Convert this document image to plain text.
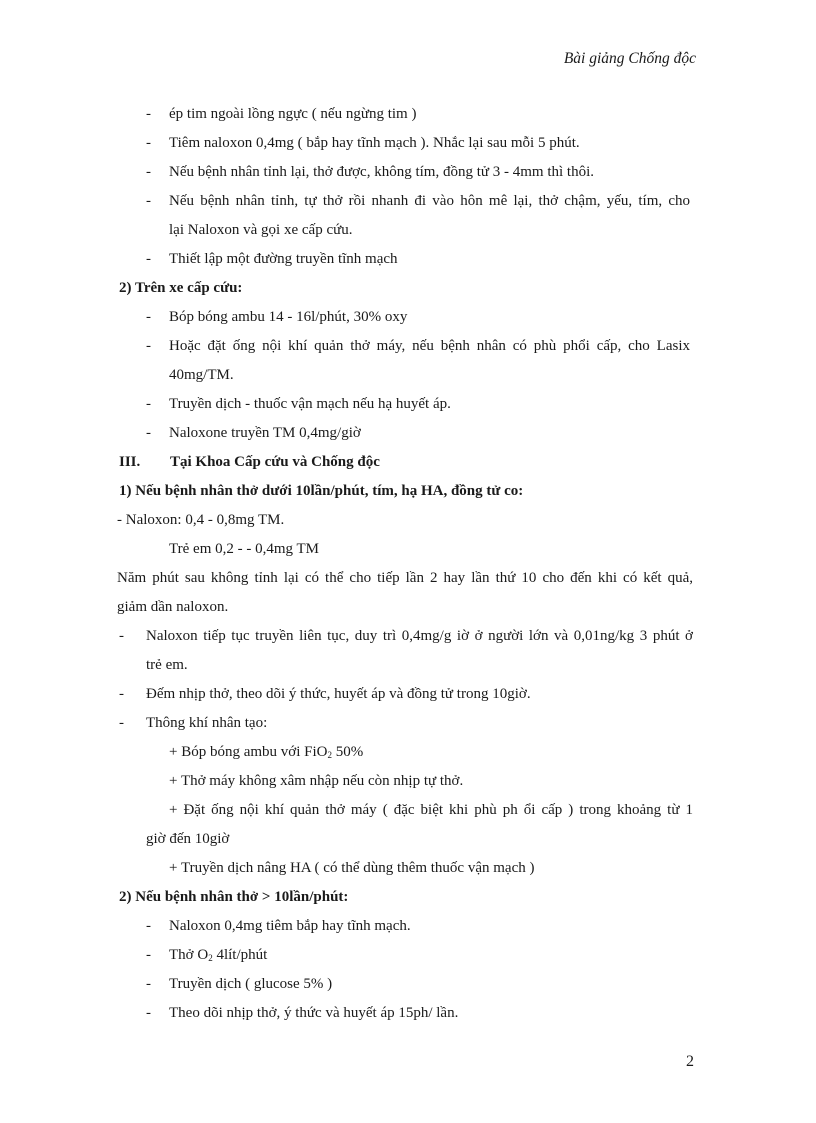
Bài giảng Chống độc
- ép tim ngoài lồng ngực ( nếu ngừng tim )
- Tiêm naloxon 0,4mg ( bắp hay tĩnh mạch ). Nhắc lại sau mỗi 5 phút.
- Nếu bệnh nhân tỉnh lại, thở được, không tím, đồng tử 3 - 4mm thì thôi.
- Nếu bệnh nhân tỉnh, tự thở rồi nhanh đi vào hôn mê lại, thở chậm, yếu, tím, cho
lại Naloxon và gọi xe cấp cứu.
- Thiết lập một đường truyền tĩnh mạch
2) Trên xe cấp cứu:
- Bóp bóng ambu 14 - 16l/phút, 30% oxy
- Hoặc đặt ống nội khí quản thở máy, nếu bệnh nhân có phù phổi cấp, cho Lasix
40mg/TM.
- Truyền dịch - thuốc vận mạch nếu hạ huyết áp.
- Naloxone truyền TM 0,4mg/giờ
III. Tại Khoa Cấp cứu và Chống độc
1) Nếu bệnh nhân thở dưới 10lần/phút, tím, hạ HA, đồng tử co:
- Naloxon: 0,4 - 0,8mg TM.
Trẻ em 0,2 - - 0,4mg TM
Năm phút sau không tỉnh lại có thể cho tiếp lần 2 hay lần thứ 10 cho đến khi có kết quả,
giảm dần naloxon.
- Naloxon tiếp tục truyền liên tục, duy trì 0,4mg/g iờ ở người lớn và 0,01ng/kg 3 phút ở
trẻ em.
- Đếm nhịp thở, theo dõi ý thức, huyết áp và đồng tử trong 10giờ.
- Thông khí nhân tạo:
+ Bóp bóng ambu với FiO$_2$ 50%
+ Thở máy không xâm nhập nếu còn nhịp tự thở.
+ Đặt ống nội khí quản thở máy ( đặc biệt khi phù ph ổi cấp ) trong khoảng từ 1
giờ đến 10giờ
+ Truyền dịch nâng HA ( có thể dùng thêm thuốc vận mạch )
2) Nếu bệnh nhân thở > 10lần/phút:
- Naloxon 0,4mg tiêm bắp hay tĩnh mạch.
- Thở $O_2$ 4lít/phút
- Truyền dịch ( glucose 5% )
- Theo dõi nhịp thở, ý thức và huyết áp 15ph/ lần.
2
